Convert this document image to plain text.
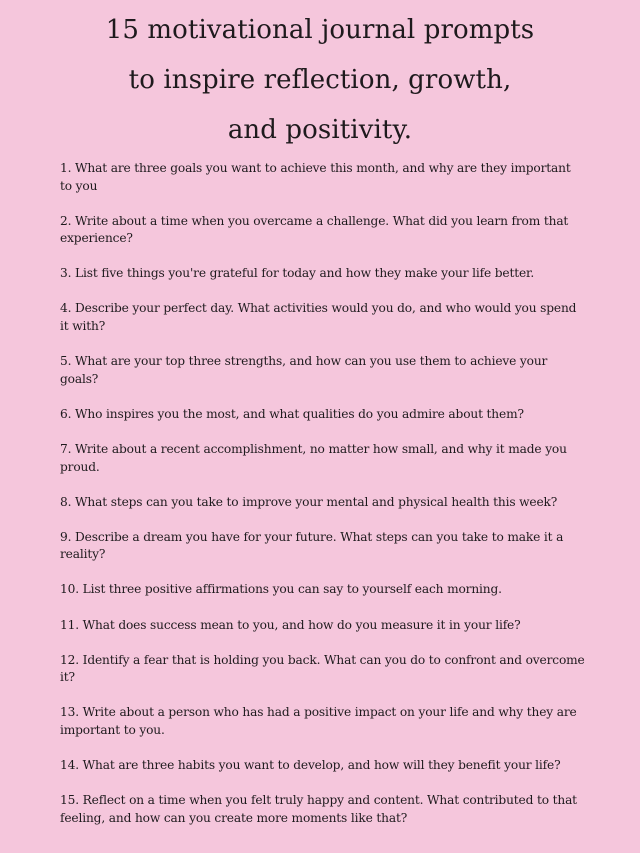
15 motivational journal prompts
to inspire reflection, growth,
and positivity.
1. What are three goals you want to achieve this month, and why are they important to you
2. Write about a time when you overcame a challenge. What did you learn from that experience?
3. List five things you're grateful for today and how they make your life better.
4. Describe your perfect day. What activities would you do, and who would you spend it with?
5. What are your top three strengths, and how can you use them to achieve your goals?
6. Who inspires you the most, and what qualities do you admire about them?
7. Write about a recent accomplishment, no matter how small, and why it made you proud.
8. What steps can you take to improve your mental and physical health this week?
9. Describe a dream you have for your future. What steps can you take to make it a reality?
10. List three positive affirmations you can say to yourself each morning.
11. What does success mean to you, and how do you measure it in your life?
12. Identify a fear that is holding you back. What can you do to confront and overcome it?
13. Write about a person who has had a positive impact on your life and why they are important to you.
14. What are three habits you want to develop, and how will they benefit your life?
15. Reflect on a time when you felt truly happy and content. What contributed to that feeling, and how can you create more moments like that?
